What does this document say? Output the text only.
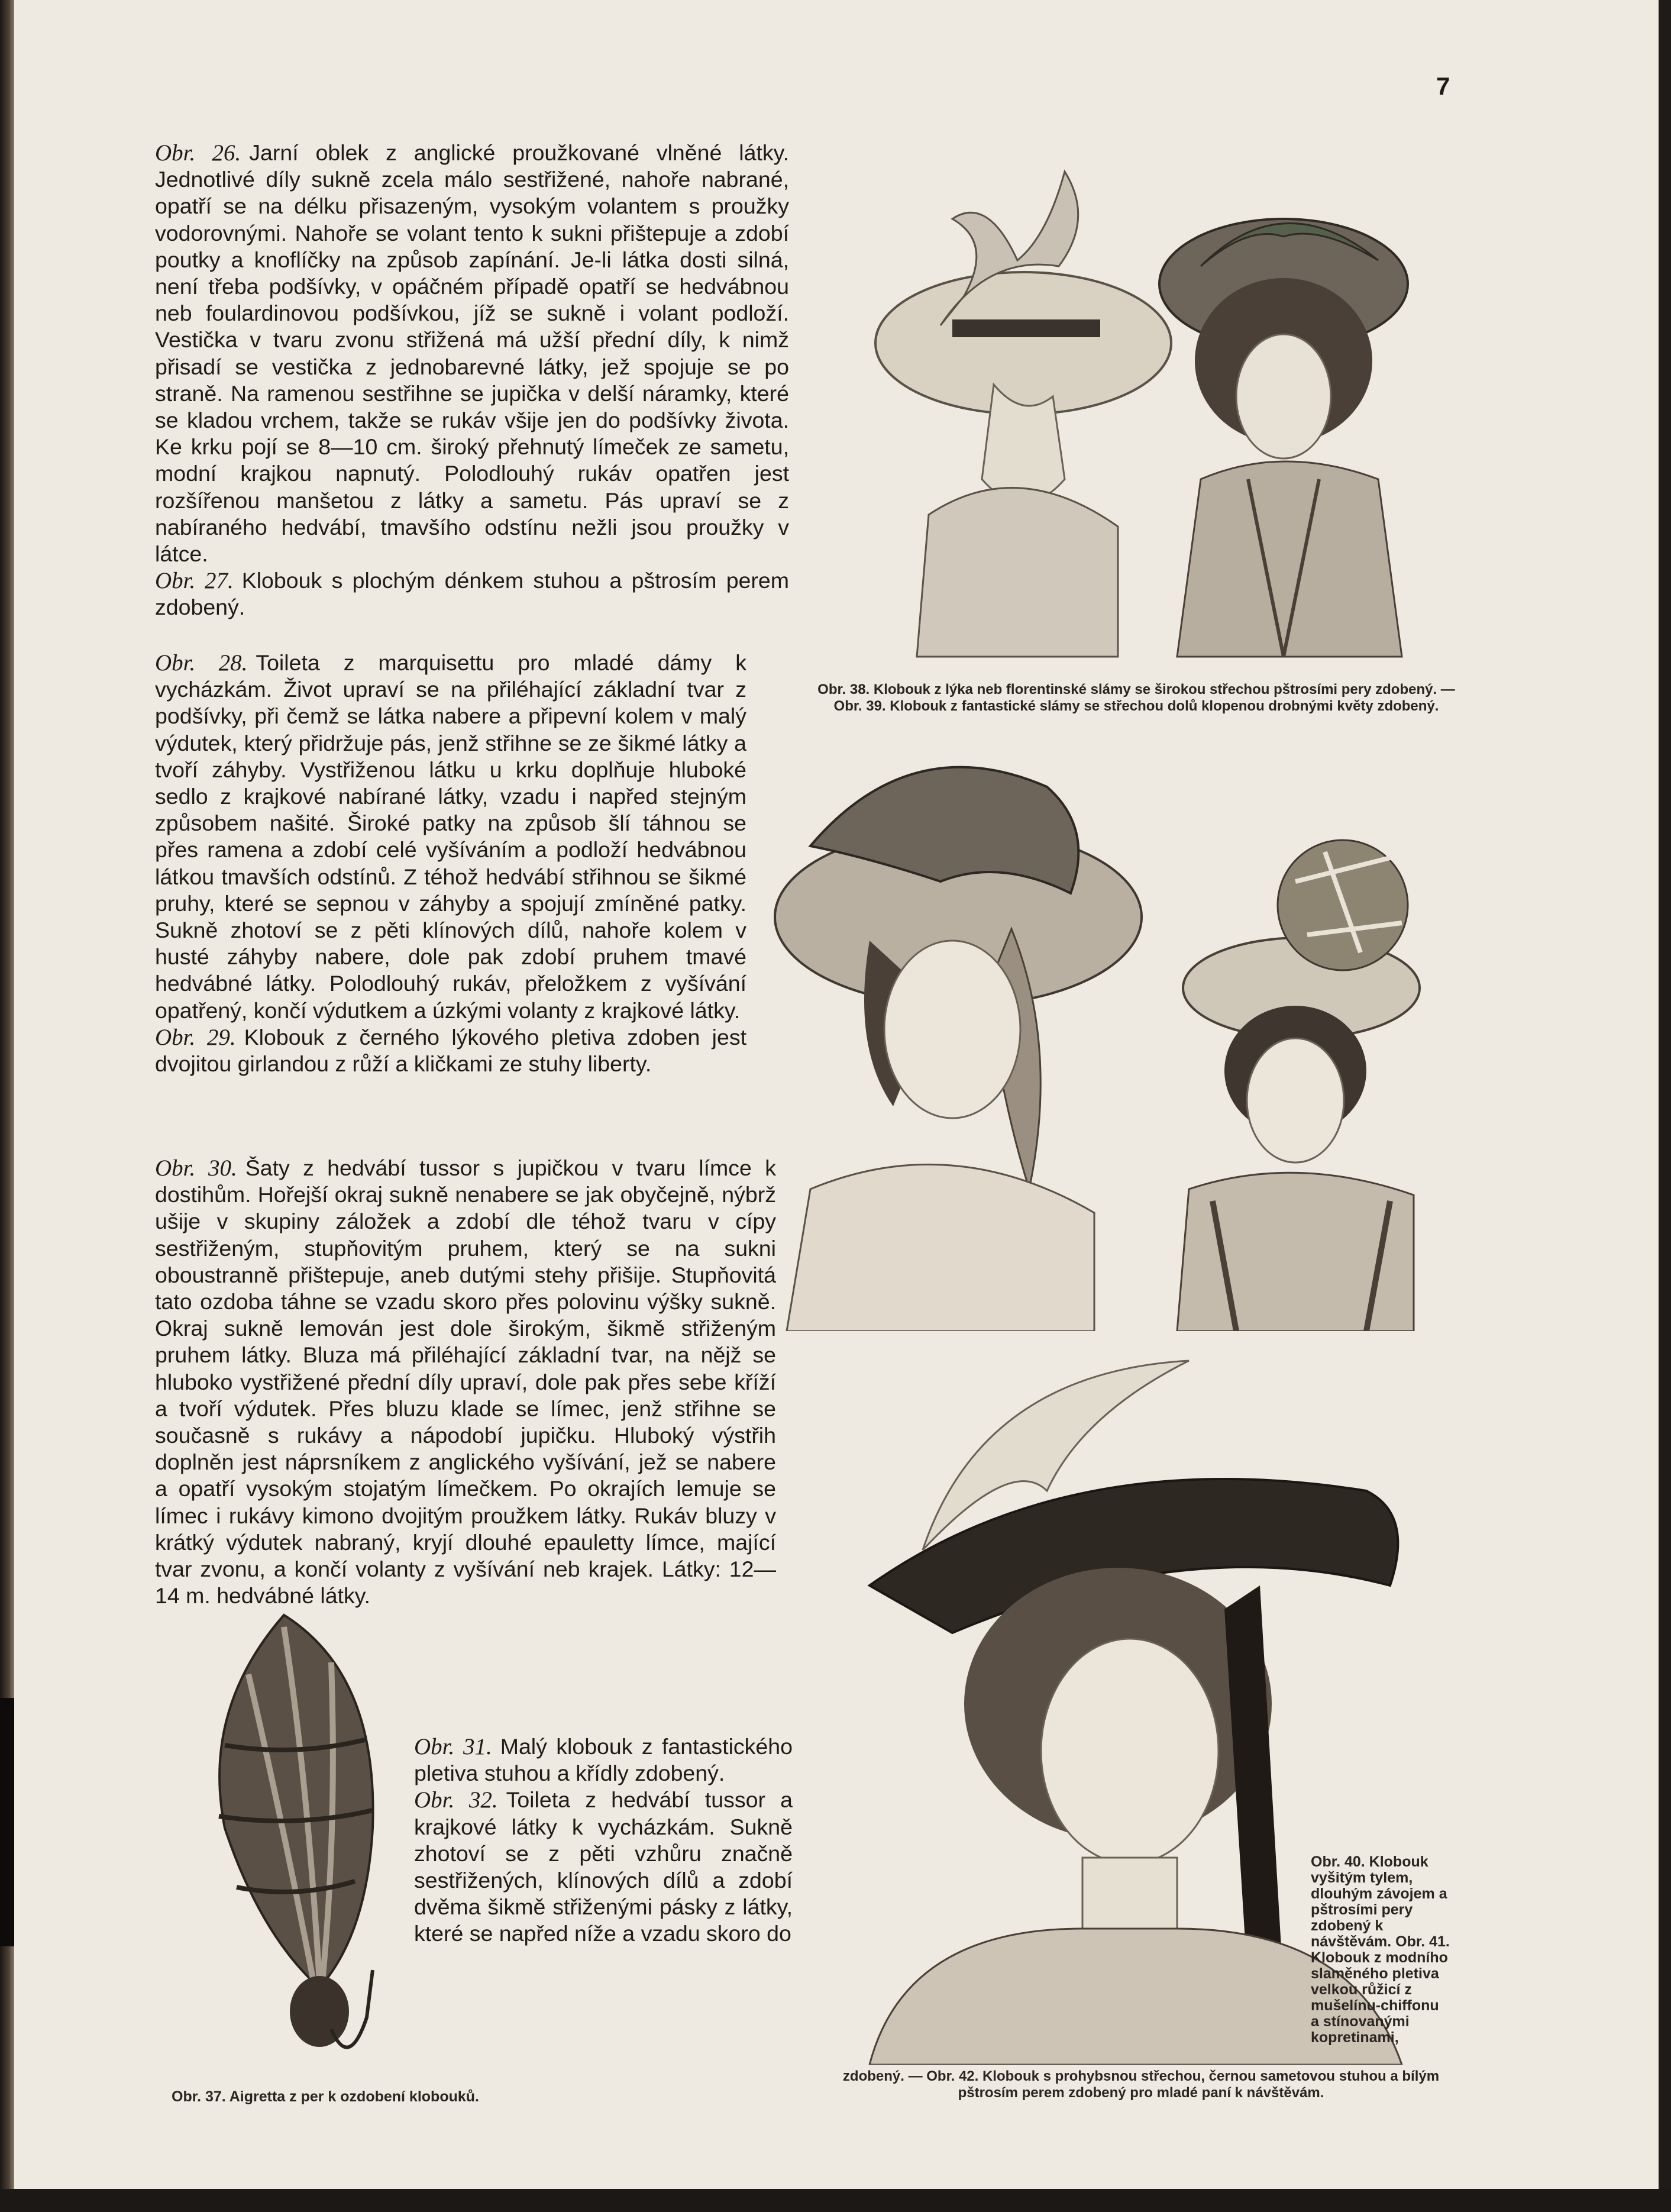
7

Obr. 26. Jarní oblek z anglické proužkované vlněné látky. Jednotlivé díly sukně zcela málo sestřižené, nahoře nabrané, opatří se na délku přisazeným, vysokým volantem s proužky vodorovnými. Nahoře se volant tento k sukni přištepuje a zdobí poutky a knoflíčky na způsob zapínání. Je-li látka dosti silná, není třeba podšívky, v opáčném případě opatří se hedvábnou neb foulardinovou podšívkou, jíž se sukně i volant podloží. Vestička v tvaru zvonu střižená má užší přední díly, k nimž přisadí se vestička z jednobarevné látky, jež spojuje se po straně. Na ramenou sestřihne se jupička v delší náramky, které se kladou vrchem, takže se rukáv všije jen do podšívky života. Ke krku pojí se 8—10 cm. široký přehnutý límeček ze sametu, modní krajkou napnutý. Polodlouhý rukáv opatřen jest rozšířenou manšetou z látky a sametu. Pás upraví se z nabíraného hedvábí, tmavšího odstínu nežli jsou proužky v látce.

Obr. 27. Klobouk s plochým dénkem stuhou a pštrosím perem zdobený.

Obr. 28. Toileta z marquisettu pro mladé dámy k vycházkám. Život upraví se na přiléhající základní tvar z podšívky, při čemž se látka nabere a připevní kolem v malý výdutek, který přidržuje pás, jenž střihne se ze šikmé látky a tvoří záhyby. Vystřiženou látku u krku doplňuje hluboké sedlo z krajkové nabírané látky, vzadu i napřed stejným způsobem našité. Široké patky na způsob šlí táhnou se přes ramena a zdobí celé vyšíváním a podloží hedvábnou látkou tmavších odstínů. Z téhož hedvábí střihnou se šikmé pruhy, které se sepnou v záhyby a spojují zmíněné patky. Sukně zhotoví se z pěti klínových dílů, nahoře kolem v husté záhyby nabere, dole pak zdobí pruhem tmavé hedvábné látky. Polodlouhý rukáv, přeložkem z vyšívání opatřený, končí výdutkem a úzkými volanty z krajkové látky.

Obr. 29. Klobouk z černého lýkového pletiva zdoben jest dvojitou girlandou z růží a kličkami ze stuhy liberty.

Obr. 30. Šaty z hedvábí tussor s jupičkou v tvaru límce k dostihům. Hořejší okraj sukně nenabere se jak obyčejně, nýbrž ušije v skupiny záložek a zdobí dle téhož tvaru v cípy sestřiženým, stupňovitým pruhem, který se na sukni oboustranně přištepuje, aneb dutými stehy přišije. Stupňovitá tato ozdoba táhne se vzadu skoro přes polovinu výšky sukně. Okraj sukně lemován jest dole širokým, šikmě střiženým pruhem látky. Bluza má přiléhající základní tvar, na nějž se hluboko vystřižené přední díly upraví, dole pak přes sebe kříží a tvoří výdutek. Přes bluzu klade se límec, jenž střihne se současně s rukávy a nápodobí jupičku. Hluboký výstřih doplněn jest náprsníkem z anglického vyšívání, jež se nabere a opatří vysokým stojatým límečkem. Po okrajích lemuje se límec i rukávy kimono dvojitým proužkem látky. Rukáv bluzy v krátký výdutek nabraný, kryjí dlouhé epauletty límce, mající tvar zvonu, a končí volanty z vyšívání neb krajek. Látky: 12—14 m. hedvábné látky.

Obr. 31. Malý klobouk z fantastického pletiva stuhou a křídly zdobený.

Obr. 32. Toileta z hedvábí tussor a krajkové látky k vycházkám. Sukně zhotoví se z pěti vzhůru značně sestřižených, klínových dílů a zdobí dvěma šikmě střiženými pásky z látky, které se napřed níže a vzadu skoro do

Obr. 38. Klobouk z lýka neb florentinské slámy se širokou střechou pštrosími pery zdobený. — Obr. 39. Klobouk z fantastické slámy se střechou dolů klopenou drobnými květy zdobený.
Obr. 40. Klobouk vyšitým tylem, dlouhým závojem a pštrosími pery zdobený k návštěvám. Obr. 41. Klobouk z modního slaměného pletiva velkou růžicí z mušelínu-chiffonu a stínovanými kopretinami,
zdobený. — Obr. 42. Klobouk s prohybsnou střechou, černou sametovou stuhou a bílým pštrosím perem zdobený pro mladé paní k návštěvám.
Obr. 37. Aigretta z per k ozdobení klobouků.
